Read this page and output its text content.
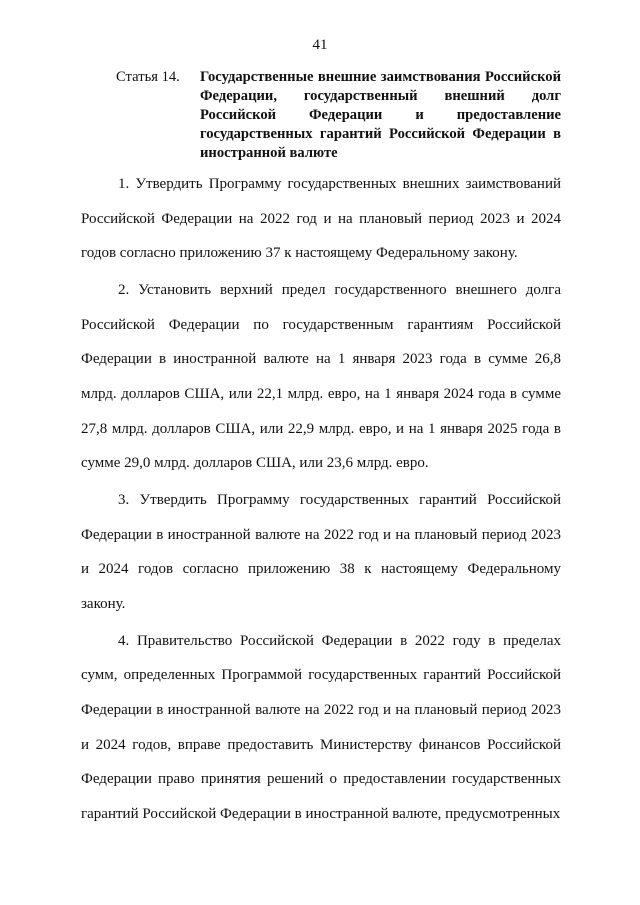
41
Статья 14. Государственные внешние заимствования Российской Федерации, государственный внешний долг Российской Федерации и предоставление государственных гарантий Российской Федерации в иностранной валюте

1. Утвердить Программу государственных внешних заимствований Российской Федерации на 2022 год и на плановый период 2023 и 2024 годов согласно приложению 37 к настоящему Федеральному закону.

2. Установить верхний предел государственного внешнего долга Российской Федерации по государственным гарантиям Российской Федерации в иностранной валюте на 1 января 2023 года в сумме 26,8 млрд. долларов США, или 22,1 млрд. евро, на 1 января 2024 года в сумме 27,8 млрд. долларов США, или 22,9 млрд. евро, и на 1 января 2025 года в сумме 29,0 млрд. долларов США, или 23,6 млрд. евро.

3. Утвердить Программу государственных гарантий Российской Федерации в иностранной валюте на 2022 год и на плановый период 2023 и 2024 годов согласно приложению 38 к настоящему Федеральному закону.

4. Правительство Российской Федерации в 2022 году в пределах сумм, определенных Программой государственных гарантий Российской Федерации в иностранной валюте на 2022 год и на плановый период 2023 и 2024 годов, вправе предоставить Министерству финансов Российской Федерации право принятия решений о предоставлении государственных гарантий Российской Федерации в иностранной валюте, предусмотренных
